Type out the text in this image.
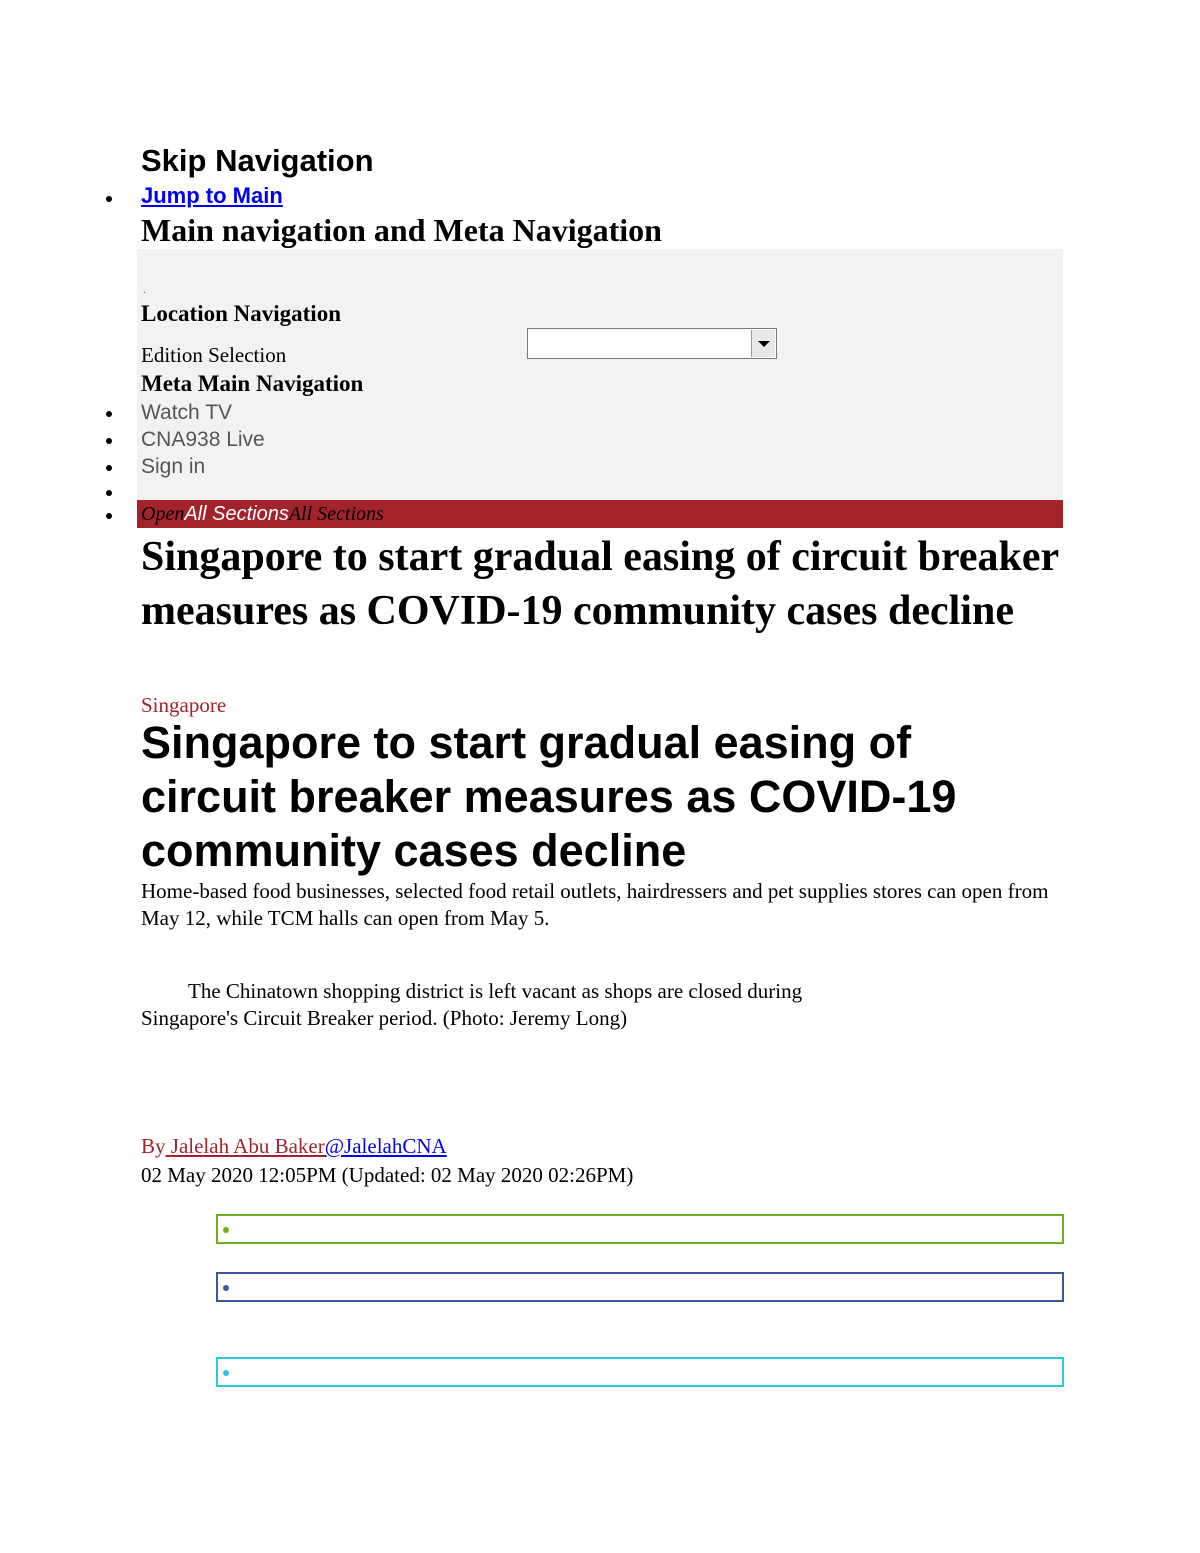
Skip Navigation
Jump to Main
Main navigation and Meta Navigation
.
Location Navigation
Edition Selection
Meta Main Navigation
Watch TV
CNA938 Live
Sign in
OpenAll SectionsAll Sections
Singapore to start gradual easing of circuit breaker measures as COVID-19 community cases decline
Singapore
Singapore to start gradual easing of circuit breaker measures as COVID-19 community cases decline
Home-based food businesses, selected food retail outlets, hairdressers and pet supplies stores can open from May 12, while TCM halls can open from May 5.
The Chinatown shopping district is left vacant as shops are closed during Singapore's Circuit Breaker period. (Photo: Jeremy Long)
By Jalelah Abu Baker@JalelahCNA
02 May 2020 12:05PM (Updated: 02 May 2020 02:26PM)
